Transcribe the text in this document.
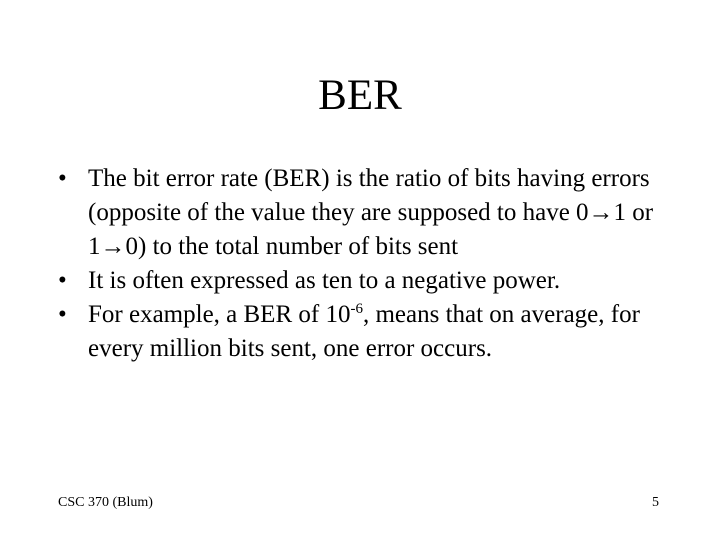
BER
• The bit error rate (BER) is the ratio of bits having errors (opposite of the value they are supposed to have 0→1 or 1→0) to the total number of bits sent
• It is often expressed as ten to a negative power.
• For example, a BER of $10^{-6}$, means that on average, for every million bits sent, one error occurs.
CSC 370 (Blum)	5
